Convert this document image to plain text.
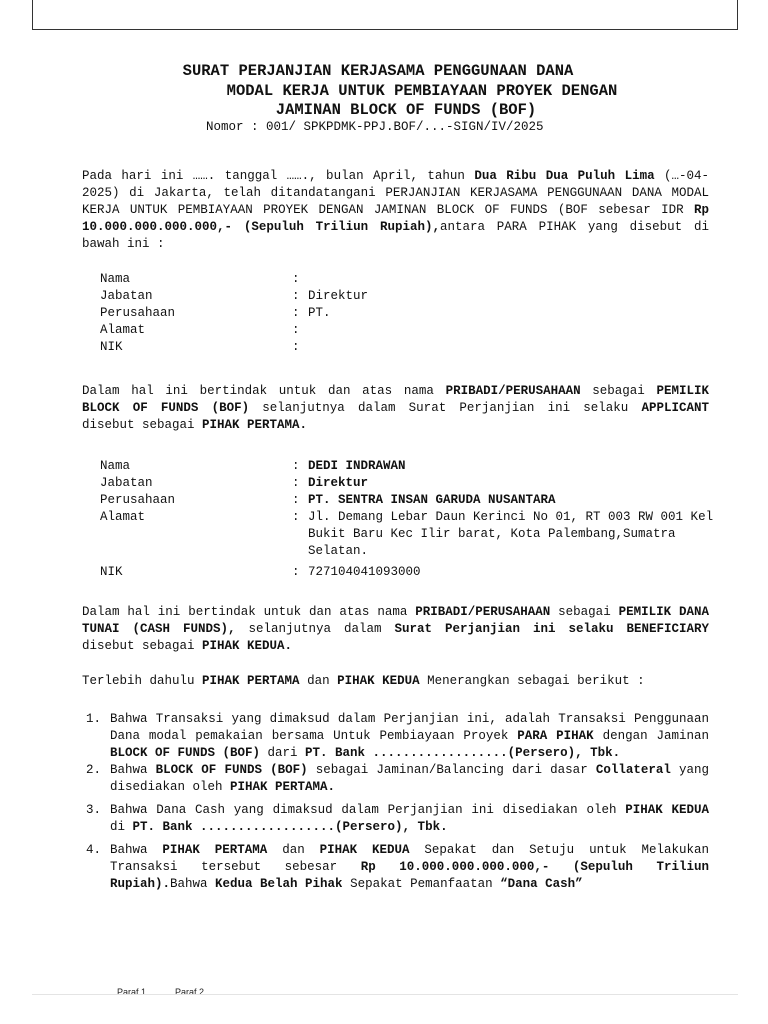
SURAT PERJANJIAN KERJASAMA PENGGUNAAN DANA
MODAL KERJA UNTUK PEMBIAYAAN PROYEK DENGAN
JAMINAN BLOCK OF FUNDS (BOF)
Nomor : 001/ SPKPDMK-PPJ.BOF/...-SIGN/IV/2025
Pada hari ini ……. tanggal ……., bulan April, tahun Dua Ribu Dua Puluh Lima (…-04-2025) di Jakarta, telah ditandatangani PERJANJIAN KERJASAMA PENGGUNAAN DANA MODAL KERJA UNTUK PEMBIAYAAN PROYEK DENGAN JAMINAN BLOCK OF FUNDS (BOF sebesar IDR Rp 10.000.000.000.000,- (Sepuluh Triliun Rupiah),antara PARA PIHAK yang disebut di bawah ini :
Nama	:
Jabatan	: Direktur
Perusahaan	: PT.
Alamat	:
NIK	:
Dalam hal ini bertindak untuk dan atas nama PRIBADI/PERUSAHAAN sebagai PEMILIK BLOCK OF FUNDS (BOF) selanjutnya dalam Surat Perjanjian ini selaku APPLICANT disebut sebagai PIHAK PERTAMA.
Nama	: DEDI INDRAWAN
Jabatan	: Direktur
Perusahaan	: PT. SENTRA INSAN GARUDA NUSANTARA
Alamat	: Jl. Demang Lebar Daun Kerinci No 01, RT 003 RW 001 Kel Bukit Baru Kec Ilir barat, Kota Palembang,Sumatra Selatan.
NIK	: 727104041093000
Dalam hal ini bertindak untuk dan atas nama PRIBADI/PERUSAHAAN sebagai PEMILIK DANA TUNAI (CASH FUNDS), selanjutnya dalam Surat Perjanjian ini selaku BENEFICIARY disebut sebagai PIHAK KEDUA.
Terlebih dahulu PIHAK PERTAMA dan PIHAK KEDUA Menerangkan sebagai berikut :
1. Bahwa Transaksi yang dimaksud dalam Perjanjian ini, adalah Transaksi Penggunaan Dana modal pemakaian bersama Untuk Pembiayaan Proyek PARA PIHAK dengan Jaminan BLOCK OF FUNDS (BOF) dari PT. Bank ..................(Persero), Tbk.
2. Bahwa BLOCK OF FUNDS (BOF) sebagai Jaminan/Balancing dari dasar Collateral yang disediakan oleh PIHAK PERTAMA.
3. Bahwa Dana Cash yang dimaksud dalam Perjanjian ini disediakan oleh PIHAK KEDUA di PT. Bank ..................(Persero), Tbk.
4. Bahwa PIHAK PERTAMA dan PIHAK KEDUA Sepakat dan Setuju untuk Melakukan Transaksi tersebut sebesar Rp 10.000.000.000.000,- (Sepuluh Triliun Rupiah).Bahwa Kedua Belah Pihak Sepakat Pemanfaatan “Dana Cash”
Paraf 1	Paraf 2
